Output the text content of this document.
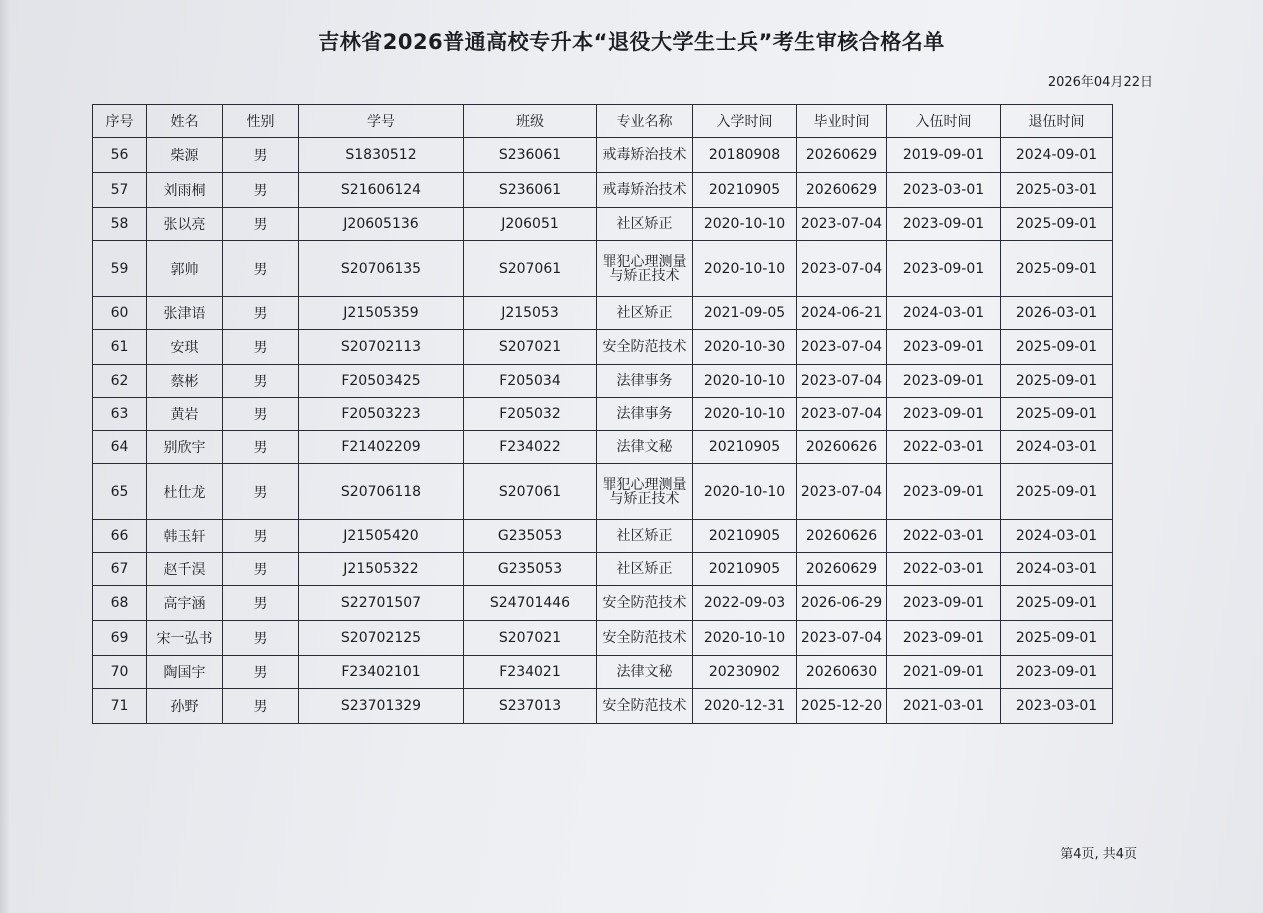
吉林省2026普通高校专升本“退役大学生士兵”考生审核合格名单
2026年04月22日
序号	姓名	性别	学号	班级	专业名称	入学时间	毕业时间	入伍时间	退伍时间
56	柴源	男	S1830512	S236061	戒毒矫治技术	20180908	20260629	2019-09-01	2024-09-01
57	刘雨桐	男	S21606124	S236061	戒毒矫治技术	20210905	20260629	2023-03-01	2025-03-01
58	张以亮	男	J20605136	J206051	社区矫正	2020-10-10	2023-07-04	2023-09-01	2025-09-01
59	郭帅	男	S20706135	S207061	罪犯心理测量与矫正技术	2020-10-10	2023-07-04	2023-09-01	2025-09-01
60	张津语	男	J21505359	J215053	社区矫正	2021-09-05	2024-06-21	2024-03-01	2026-03-01
61	安琪	男	S20702113	S207021	安全防范技术	2020-10-30	2023-07-04	2023-09-01	2025-09-01
62	蔡彬	男	F20503425	F205034	法律事务	2020-10-10	2023-07-04	2023-09-01	2025-09-01
63	黄岩	男	F20503223	F205032	法律事务	2020-10-10	2023-07-04	2023-09-01	2025-09-01
64	别欣宇	男	F21402209	F234022	法律文秘	20210905	20260626	2022-03-01	2024-03-01
65	杜仕龙	男	S20706118	S207061	罪犯心理测量与矫正技术	2020-10-10	2023-07-04	2023-09-01	2025-09-01
66	韩玉轩	男	J21505420	G235053	社区矫正	20210905	20260626	2022-03-01	2024-03-01
67	赵千淏	男	J21505322	G235053	社区矫正	20210905	20260629	2022-03-01	2024-03-01
68	高宇涵	男	S22701507	S24701446	安全防范技术	2022-09-03	2026-06-29	2023-09-01	2025-09-01
69	宋一弘书	男	S20702125	S207021	安全防范技术	2020-10-10	2023-07-04	2023-09-01	2025-09-01
70	陶国宇	男	F23402101	F234021	法律文秘	20230902	20260630	2021-09-01	2023-09-01
71	孙野	男	S23701329	S237013	安全防范技术	2020-12-31	2025-12-20	2021-03-01	2023-03-01
第4页, 共4页
